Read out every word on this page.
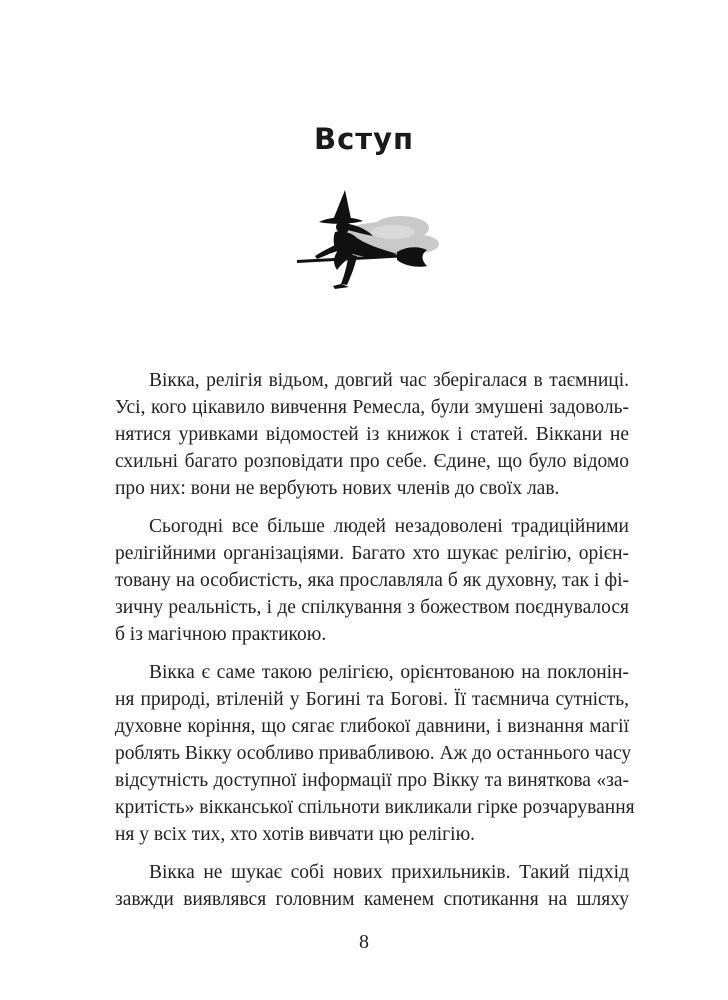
Вступ

Вікка, релігія відьом, довгий час зберігалася в таємниці.
Усі, кого цікавило вивчення Ремесла, були змушені задоволь-
нятися уривками відомостей із книжок і статей. Віккани не
схильні багато розповідати про себе. Єдине, що було відомо
про них: вони не вербують нових членів до своїх лав.

Сьогодні все більше людей незадоволені традиційними
релігійними організаціями. Багато хто шукає релігію, орієн-
товану на особистість, яка прославляла б як духовну, так і фі-
зичну реальність, і де спілкування з божеством поєднувалося
б із магічною практикою.

Вікка є саме такою релігією, орієнтованою на поклонін-
ня природі, втіленій у Богині та Богові. Її таємнича сутність,
духовне коріння, що сягає глибокої давнини, і визнання магії
роблять Вікку особливо привабливою. Аж до останнього часу
відсутність доступної інформації про Вікку та виняткова «за-
критість» вікканської спільноти викликали гірке розчарування
ня у всіх тих, хто хотів вивчати цю релігію.

Вікка не шукає собі нових прихильників. Такий підхід
завжди виявлявся головним каменем спотикання на шляху

8
